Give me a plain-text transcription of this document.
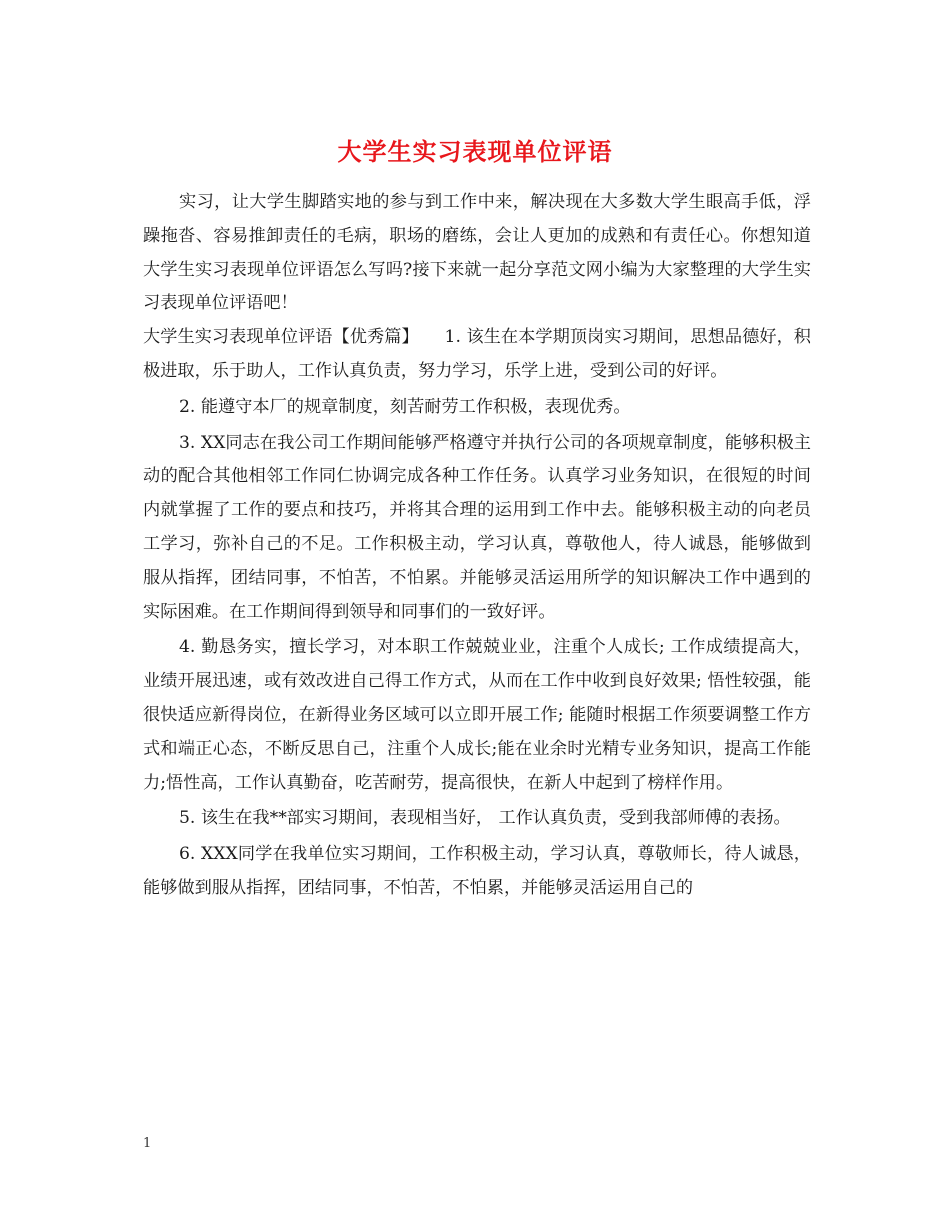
大学生实习表现单位评语

实习，让大学生脚踏实地的参与到工作中来，解决现在大多数大学生眼高手低，浮躁拖沓、容易推卸责任的毛病，职场的磨练，会让人更加的成熟和有责任心。你想知道大学生实习表现单位评语怎么写吗?接下来就一起分享范文网小编为大家整理的大学生实习表现单位评语吧！

大学生实习表现单位评语【优秀篇】　　1. 该生在本学期顶岗实习期间，思想品德好，积极进取，乐于助人，工作认真负责，努力学习，乐学上进，受到公司的好评。

2. 能遵守本厂的规章制度，刻苦耐劳工作积极，表现优秀。

3. XX同志在我公司工作期间能够严格遵守并执行公司的各项规章制度，能够积极主动的配合其他相邻工作同仁协调完成各种工作任务。认真学习业务知识，在很短的时间内就掌握了工作的要点和技巧，并将其合理的运用到工作中去。能够积极主动的向老员工学习，弥补自己的不足。工作积极主动，学习认真，尊敬他人，待人诚恳，能够做到服从指挥，团结同事，不怕苦，不怕累。并能够灵活运用所学的知识解决工作中遇到的实际困难。在工作期间得到领导和同事们的一致好评。

4. 勤恳务实，擅长学习，对本职工作兢兢业业，注重个人成长; 工作成绩提高大，业绩开展迅速，或有效改进自己得工作方式，从而在工作中收到良好效果; 悟性较强，能很快适应新得岗位，在新得业务区域可以立即开展工作; 能随时根据工作须要调整工作方式和端正心态，不断反思自己，注重个人成长;能在业余时光精专业务知识，提高工作能力;悟性高，工作认真勤奋，吃苦耐劳，提高很快，在新人中起到了榜样作用。

5. 该生在我**部实习期间，表现相当好， 工作认真负责，受到我部师傅的表扬。

6. XXX同学在我单位实习期间，工作积极主动，学习认真，尊敬师长，待人诚恳，能够做到服从指挥，团结同事，不怕苦，不怕累，并能够灵活运用自己的

1
